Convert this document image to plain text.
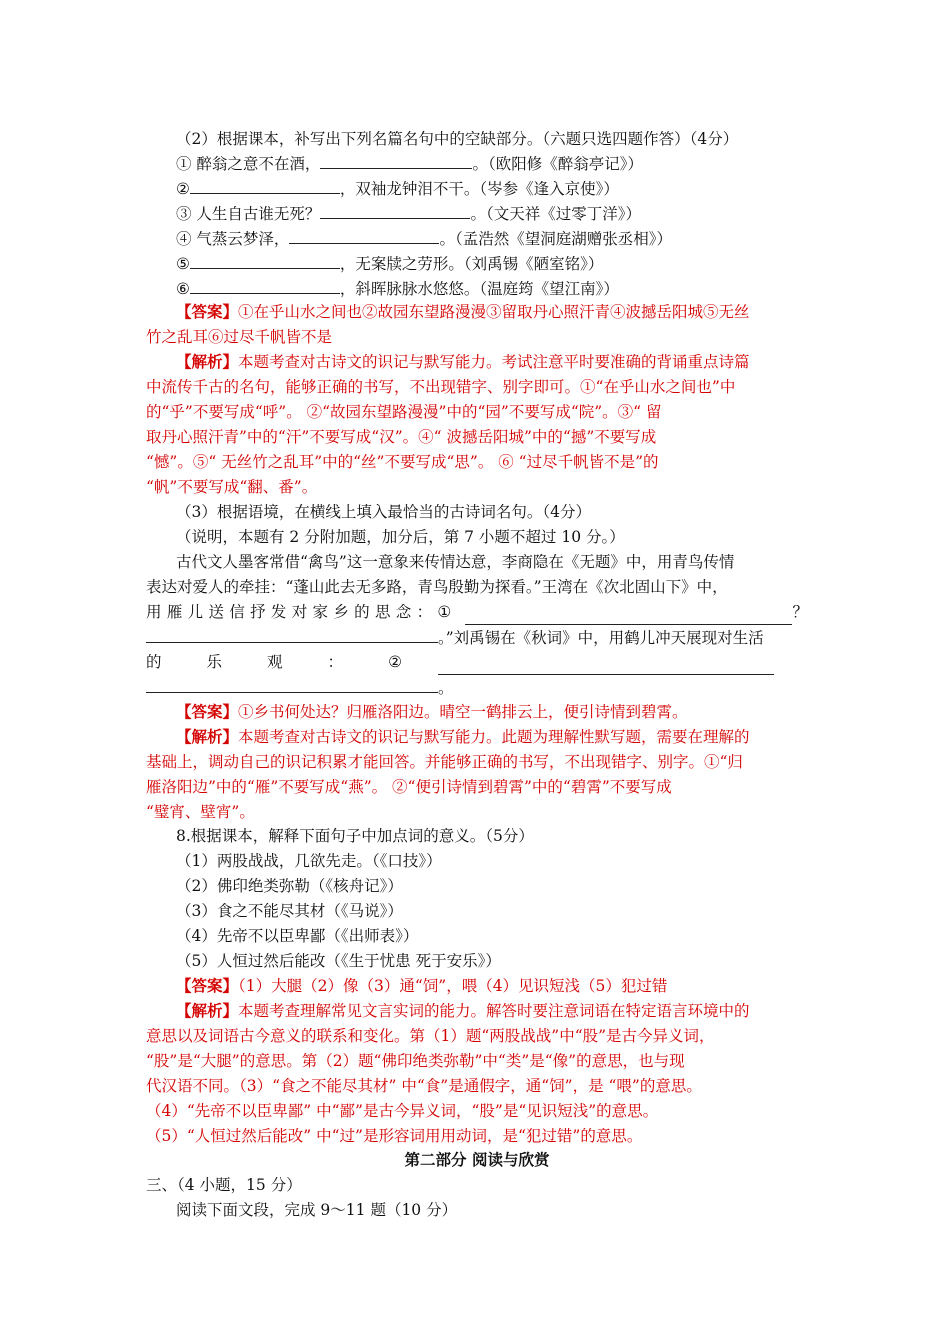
（2）根据课本，补写出下列名篇名句中的空缺部分。（六题只选四题作答）（4分）
① 醉翁之意不在酒，	。（欧阳修《醉翁亭记》）
②	，双袖龙钟泪不干。（岑参《逢入京使》）
③ 人生自古谁无死？	。（文天祥《过零丁洋》）
④ 气蒸云梦泽，	。（孟浩然《望洞庭湖赠张丞相》）
⑤	，无案牍之劳形。（刘禹锡《陋室铭》）
⑥	，斜晖脉脉水悠悠。（温庭筠《望江南》）
【答案】①在乎山水之间也②故园东望路漫漫③留取丹心照汗青④波撼岳阳城⑤无丝
竹之乱耳⑥过尽千帆皆不是
【解析】本题考查对古诗文的识记与默写能力。考试注意平时要准确的背诵重点诗篇
中流传千古的名句，能够正确的书写，不出现错字、别字即可。①“在乎山水之间也”中
的“乎”不要写成“呼”。 ②“故园东望路漫漫”中的“园”不要写成“院”。③“ 留
取丹心照汗青”中的“汗”不要写成“汉”。④“ 波撼岳阳城”中的“撼”不要写成
“憾”。⑤“ 无丝竹之乱耳”中的“丝”不要写成“思”。 ⑥ “过尽千帆皆不是”的
“帆”不要写成“翻、番”。
（3）根据语境，在横线上填入最恰当的古诗词名句。（4分）
（说明，本题有 2 分附加题，加分后，第 7 小题不超过 10 分。）
古代文人墨客常借“禽鸟”这一意象来传情达意，李商隐在《无题》中，用青鸟传情
表达对爱人的牵挂：“蓬山此去无多路，青鸟殷勤为探看。”王湾在《次北固山下》中，
用 雁 儿 送 信 抒 发 对 家 乡 的 思 念 ： ①	？
。”刘禹锡在《秋词》中，用鹤儿冲天展现对生活
的	乐	观	：	②
。
【答案】①乡书何处达？归雁洛阳边。晴空一鹤排云上，便引诗情到碧霄。
【解析】本题考查对古诗文的识记与默写能力。此题为理解性默写题，需要在理解的
基础上，调动自己的识记积累才能回答。并能够正确的书写，不出现错字、别字。①“归
雁洛阳边”中的“雁”不要写成“燕”。 ②“便引诗情到碧霄”中的“碧霄”不要写成
“璧宵、壁宵”。
8.根据课本，解释下面句子中加点词的意义。（5分）
（1）两股战战，几欲先走。（《口技》）
（2）佛印绝类弥勒（《核舟记》）
（3）食之不能尽其材（《马说》）
（4）先帝不以臣卑鄙（《出师表》）
（5）人恒过然后能改（《生于忧患 死于安乐》）
【答案】（1）大腿（2）像（3）通“饲”，喂（4）见识短浅（5）犯过错
【解析】本题考查理解常见文言实词的能力。解答时要注意词语在特定语言环境中的
意思以及词语古今意义的联系和变化。第（1）题“两股战战”中“股”是古今异义词，
“股”是“大腿”的意思。第（2）题“佛印绝类弥勒”中“类”是“像”的意思，也与现
代汉语不同。（3）“食之不能尽其材” 中“食”是通假字，通“饲”，是 “喂”的意思。
（4）“先帝不以臣卑鄙” 中“鄙”是古今异义词，“股”是“见识短浅”的意思。
（5）“人恒过然后能改” 中“过”是形容词用用动词，是“犯过错”的意思。
第二部分 阅读与欣赏
三、（4 小题，15 分）
阅读下面文段，完成 9～11 题（10 分）
